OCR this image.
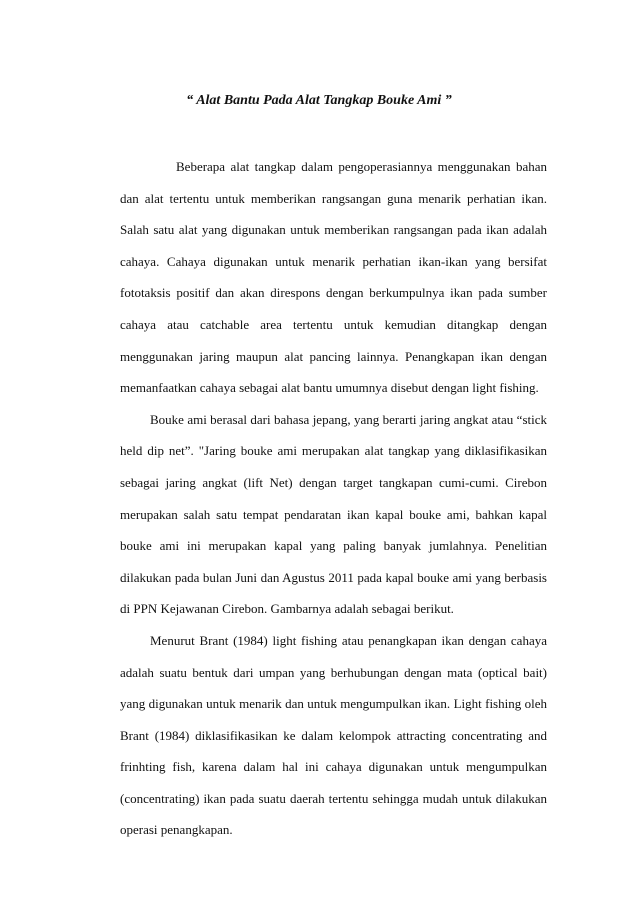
“ Alat Bantu Pada Alat Tangkap Bouke Ami ”

Beberapa alat tangkap dalam pengoperasiannya menggunakan bahan dan alat tertentu untuk memberikan rangsangan guna menarik perhatian ikan. Salah satu alat yang digunakan untuk memberikan rangsangan pada ikan adalah cahaya. Cahaya digunakan untuk menarik perhatian ikan-ikan yang bersifat fototaksis positif dan akan direspons dengan berkumpulnya ikan pada sumber cahaya atau catchable area tertentu untuk kemudian ditangkap dengan menggunakan jaring maupun alat pancing lainnya. Penangkapan ikan dengan memanfaatkan cahaya sebagai alat bantu umumnya disebut dengan light fishing.

Bouke ami berasal dari bahasa jepang, yang berarti jaring angkat atau “stick held dip net”. "Jaring bouke ami merupakan alat tangkap yang diklasifikasikan sebagai jaring angkat (lift Net) dengan target tangkapan cumi-cumi. Cirebon merupakan salah satu tempat pendaratan ikan kapal bouke ami, bahkan kapal bouke ami ini merupakan kapal yang paling banyak jumlahnya. Penelitian dilakukan pada bulan Juni dan Agustus 2011 pada kapal bouke ami yang berbasis di PPN Kejawanan Cirebon. Gambarnya adalah sebagai berikut.

Menurut Brant (1984) light fishing atau penangkapan ikan dengan cahaya adalah suatu bentuk dari umpan yang berhubungan dengan mata (optical bait) yang digunakan untuk menarik dan untuk mengumpulkan ikan. Light fishing oleh Brant (1984) diklasifikasikan ke dalam kelompok attracting concentrating and frinhting fish, karena dalam hal ini cahaya digunakan untuk mengumpulkan (concentrating) ikan pada suatu daerah tertentu sehingga mudah untuk dilakukan operasi penangkapan.
